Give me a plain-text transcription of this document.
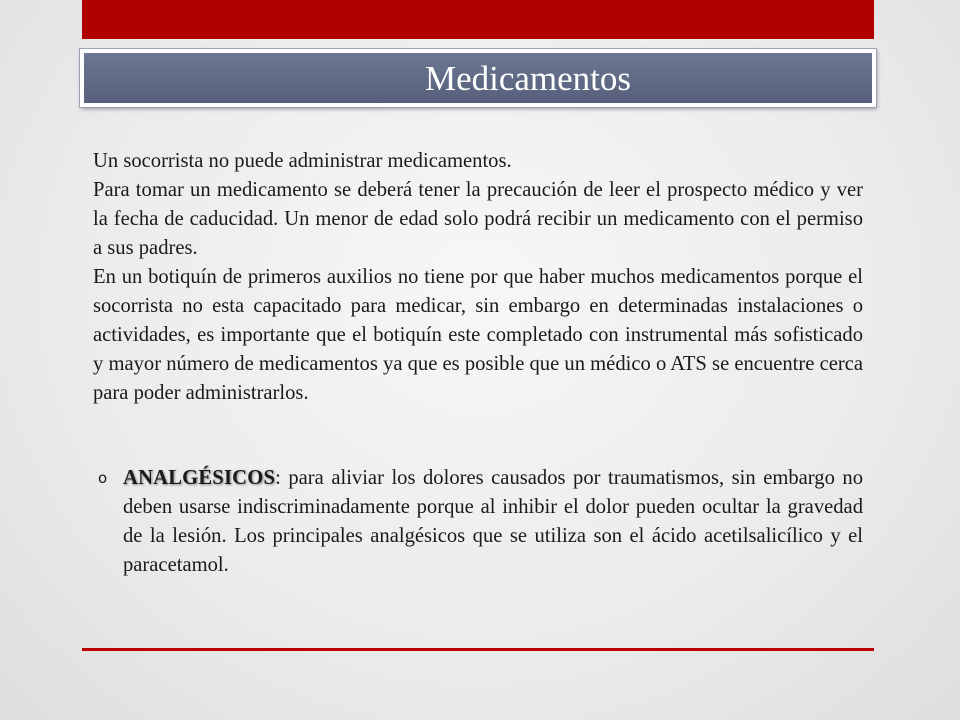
Medicamentos

Un socorrista no puede administrar medicamentos.

Para tomar un medicamento se deberá tener la precaución de leer el prospecto médico y ver la fecha de caducidad. Un menor de edad solo podrá recibir un medicamento con el permiso a sus padres.

En un botiquín de primeros auxilios no tiene por que haber muchos medicamentos porque el socorrista no esta capacitado para medicar, sin embargo en determinadas instalaciones o actividades, es importante que el botiquín este completado con instrumental más sofisticado y mayor número de medicamentos ya que es posible que un médico o ATS se encuentre cerca para poder administrarlos.

o ANALGÉSICOS: para aliviar los dolores causados por traumatismos, sin embargo no deben usarse indiscriminadamente porque al inhibir el dolor pueden ocultar la gravedad de la lesión. Los principales analgésicos que se utiliza son el ácido acetilsalicílico y el paracetamol.
